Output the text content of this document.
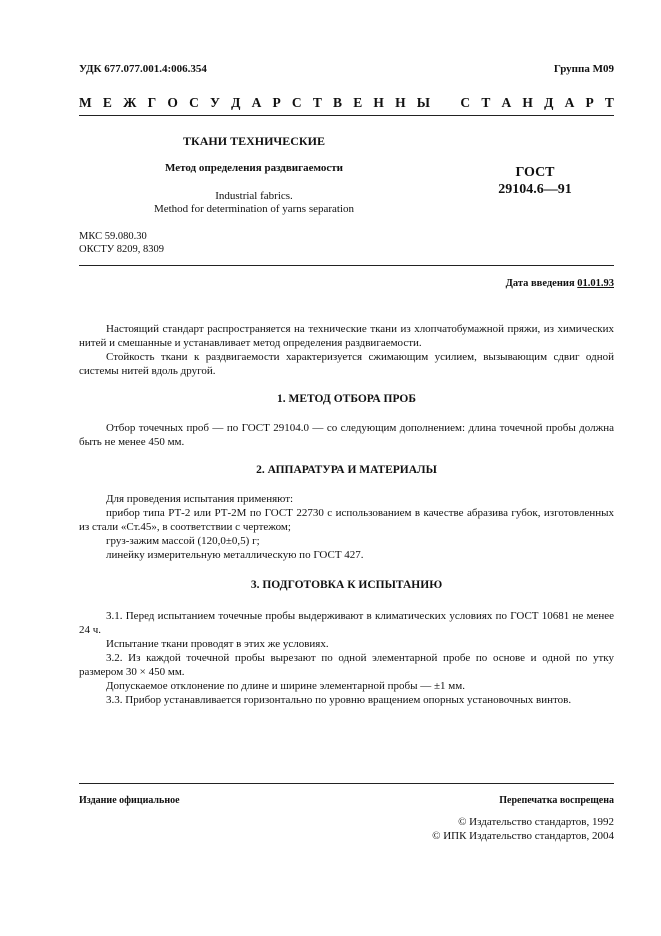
УДК 677.077.001.4:006.354	Группа М09
М Е Ж Г О С У Д А Р С Т В Е Н Н Ы С Т А Н Д А Р Т
ТКАНИ ТЕХНИЧЕСКИЕ
Метод определения раздвигаемости
Industrial fabrics.
Method for determination of yarns separation
ГОСТ
29104.6—91
МКС 59.080.30
ОКСТУ 8209, 8309
Дата введения 01.01.93

Настоящий стандарт распространяется на технические ткани из хлопчатобумажной пряжи, из химических нитей и смешанные и устанавливает метод определения раздвигаемости.

Стойкость ткани к раздвигаемости характеризуется сжимающим усилием, вызывающим сдвиг одной системы нитей вдоль другой.

1. МЕТОД ОТБОРА ПРОБ

Отбор точечных проб — по ГОСТ 29104.0 — со следующим дополнением: длина точечной пробы должна быть не менее 450 мм.

2. АППАРАТУРА И МАТЕРИАЛЫ

Для проведения испытания применяют:

прибор типа РТ-2 или РТ-2М по ГОСТ 22730 с использованием в качестве абразива губок, изготовленных из стали «Ст.45», в соответствии с чертежом;

груз-зажим массой (120,0±0,5) г;

линейку измерительную металлическую по ГОСТ 427.

3. ПОДГОТОВКА К ИСПЫТАНИЮ

3.1. Перед испытанием точечные пробы выдерживают в климатических условиях по ГОСТ 10681 не менее 24 ч.

Испытание ткани проводят в этих же условиях.

3.2. Из каждой точечной пробы вырезают по одной элементарной пробе по основе и одной по утку размером 30 × 450 мм.

Допускаемое отклонение по длине и ширине элементарной пробы — ±1 мм.

3.3. Прибор устанавливается горизонтально по уровню вращением опорных установочных винтов.

Издание официальное	Перепечатка воспрещена
© Издательство стандартов, 1992
© ИПК Издательство стандартов, 2004
